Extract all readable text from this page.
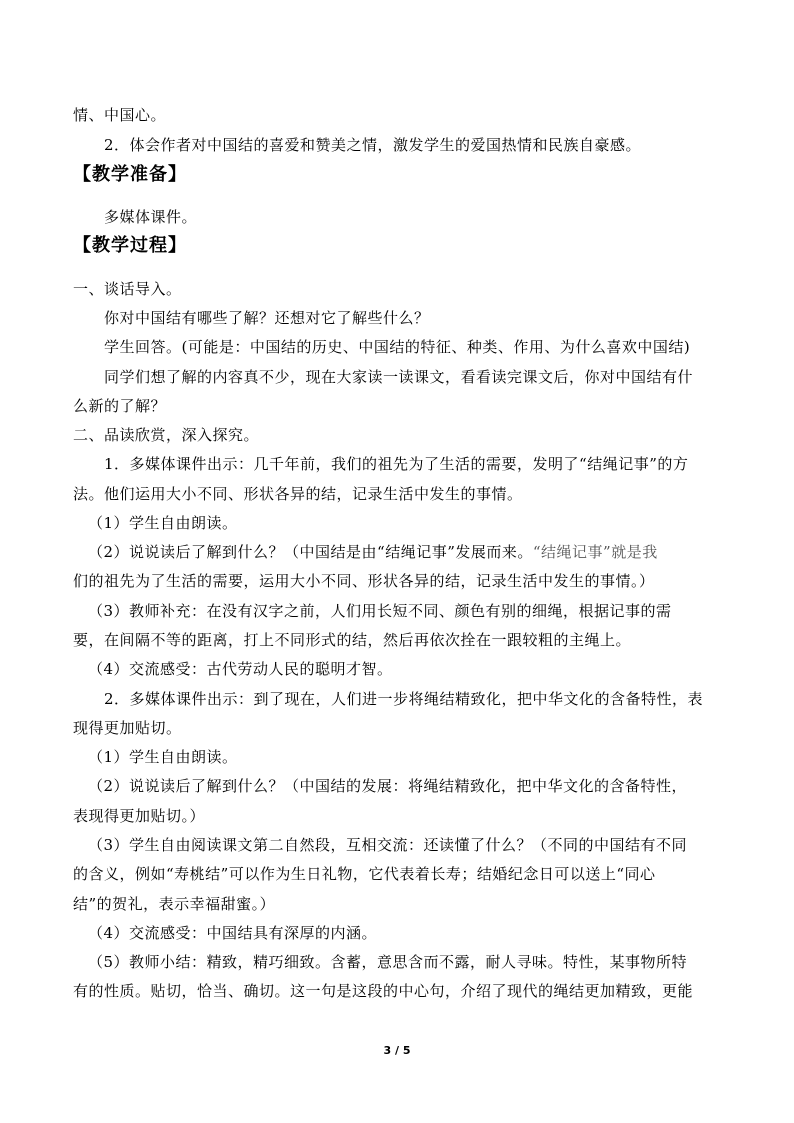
情、中国心。
2．体会作者对中国结的喜爱和赞美之情，激发学生的爱国热情和民族自豪感。
【教学准备】
多媒体课件。
【教学过程】
一、谈话导入。
你对中国结有哪些了解？还想对它了解些什么？
学生回答。(可能是：中国结的历史、中国结的特征、种类、作用、为什么喜欢中国结)
同学们想了解的内容真不少，现在大家读一读课文，看看读完课文后，你对中国结有什
么新的了解？
二、品读欣赏，深入探究。
1．多媒体课件出示：几千年前，我们的祖先为了生活的需要，发明了“结绳记事”的方
法。他们运用大小不同、形状各异的结，记录生活中发生的事情。
（1）学生自由朗读。
（2）说说读后了解到什么？（中国结是由“结绳记事”发展而来。“结绳记事”就是我
们的祖先为了生活的需要，运用大小不同、形状各异的结，记录生活中发生的事情。）
（3）教师补充：在没有汉字之前，人们用长短不同、颜色有别的细绳，根据记事的需
要，在间隔不等的距离，打上不同形式的结，然后再依次拴在一跟较粗的主绳上。
（4）交流感受：古代劳动人民的聪明才智。
2．多媒体课件出示：到了现在，人们进一步将绳结精致化，把中华文化的含备特性，表
现得更加贴切。
（1）学生自由朗读。
（2）说说读后了解到什么？（中国结的发展：将绳结精致化，把中华文化的含备特性，
表现得更加贴切。）
（3）学生自由阅读课文第二自然段，互相交流：还读懂了什么？（不同的中国结有不同
的含义，例如“寿桃结”可以作为生日礼物，它代表着长寿；结婚纪念日可以送上“同心
结”的贺礼，表示幸福甜蜜。）
（4）交流感受：中国结具有深厚的内涵。
（5）教师小结：精致，精巧细致。含蓄，意思含而不露，耐人寻味。特性，某事物所特
有的性质。贴切，恰当、确切。这一句是这段的中心句，介绍了现代的绳结更加精致，更能
3 / 5
